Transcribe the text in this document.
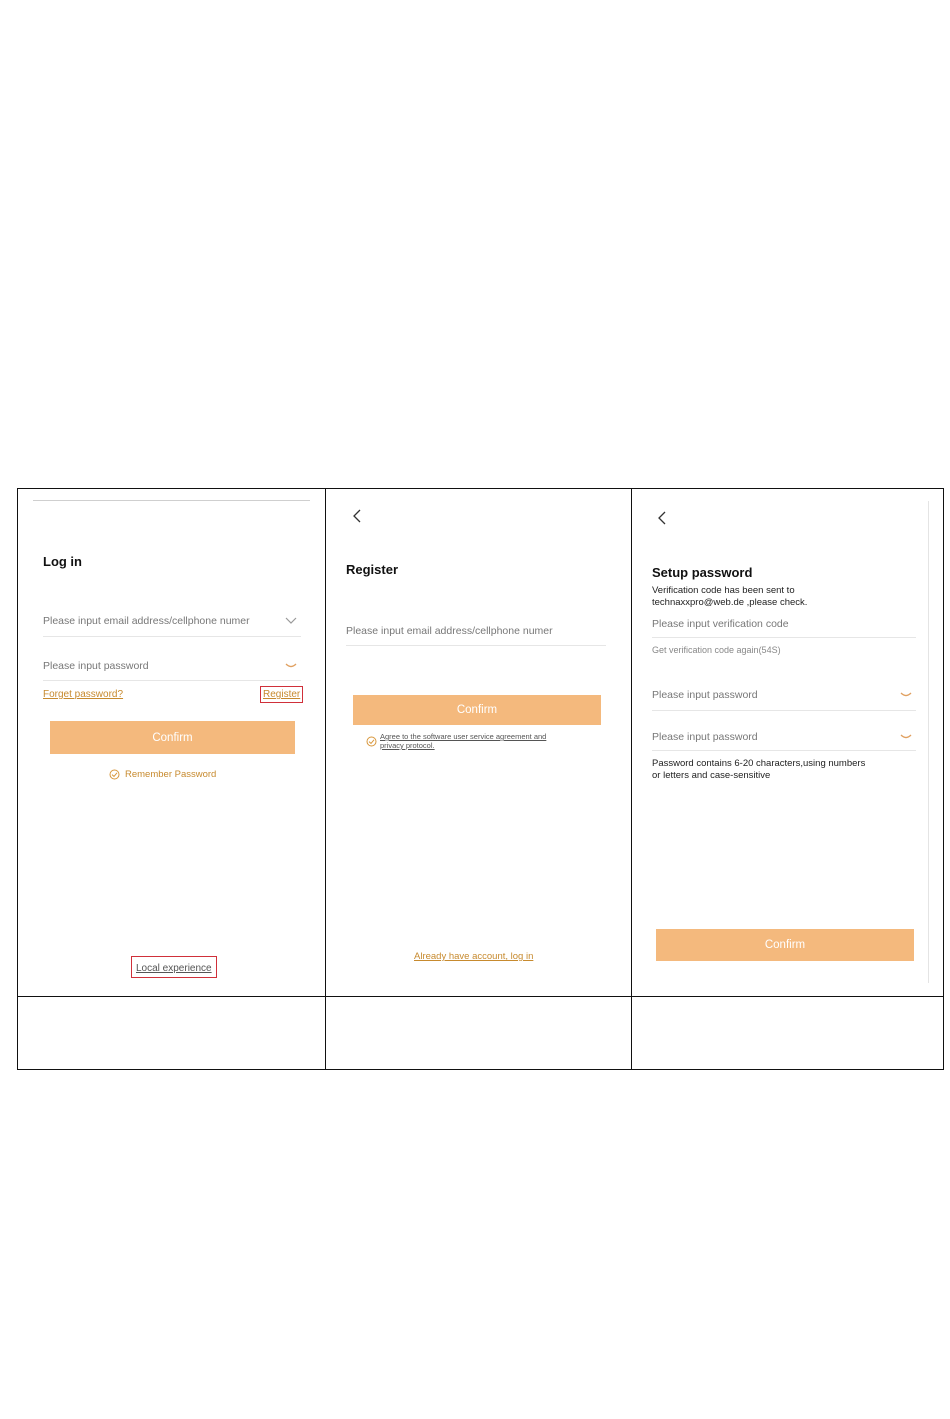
Log in
Please input email address/cellphone numer
Please input password
Forget password?	Register
Confirm
Remember Password
Local experience
Register
Please input email address/cellphone numer
Confirm
Agree to the software user service agreement and
privacy protocol.
Already have account, log in
Setup password
Verification code has been sent to
technaxxpro@web.de ,please check.
Please input verification code
Get verification code again(54S)
Please input password
Please input password
Password contains 6-20 characters,using numbers
or letters and case-sensitive
Confirm
